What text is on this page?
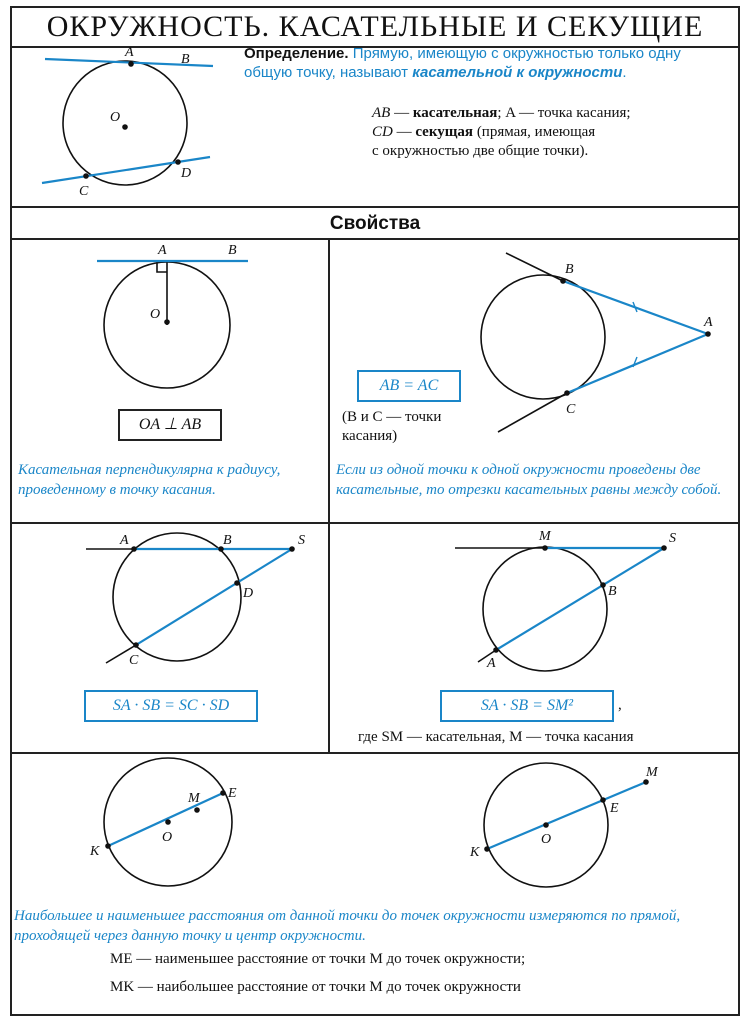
ОКРУЖНОСТЬ. КАСАТЕЛЬНЫЕ И СЕКУЩИЕ
Свойства
Определение. Прямую, имеющую с окружностью только одну общую точку, называют касательной к окружности.
AB — касательная; A — точка касания;
CD — секущая (прямая, имеющая
с окружностью две общие точки).
OA ⊥ AB
Касательная перпендикулярна к радиусу, проведенному в точку касания.
AB = AC
(B и C — точки касания)
Если из одной точки к одной окружности проведены две касательные, то отрезки касательных равны между собой.
SA · SB = SC · SD	SA · SB = SM²	,
где SM — касательная, M — точка касания
Наибольшее и наименьшее расстояния от данной точки до точек окружности измеряются по прямой, проходящей через данную точку и центр окружности.
ME — наименьшее расстояние от точки M до точек окружности;
MK — наибольшее расстояние от точки M до точек окружности
A	B
O
C
D
A	B
O
B
A
C
A	B	S
D
C
M	S
B
A
K
O
M E
K
O
E
M
